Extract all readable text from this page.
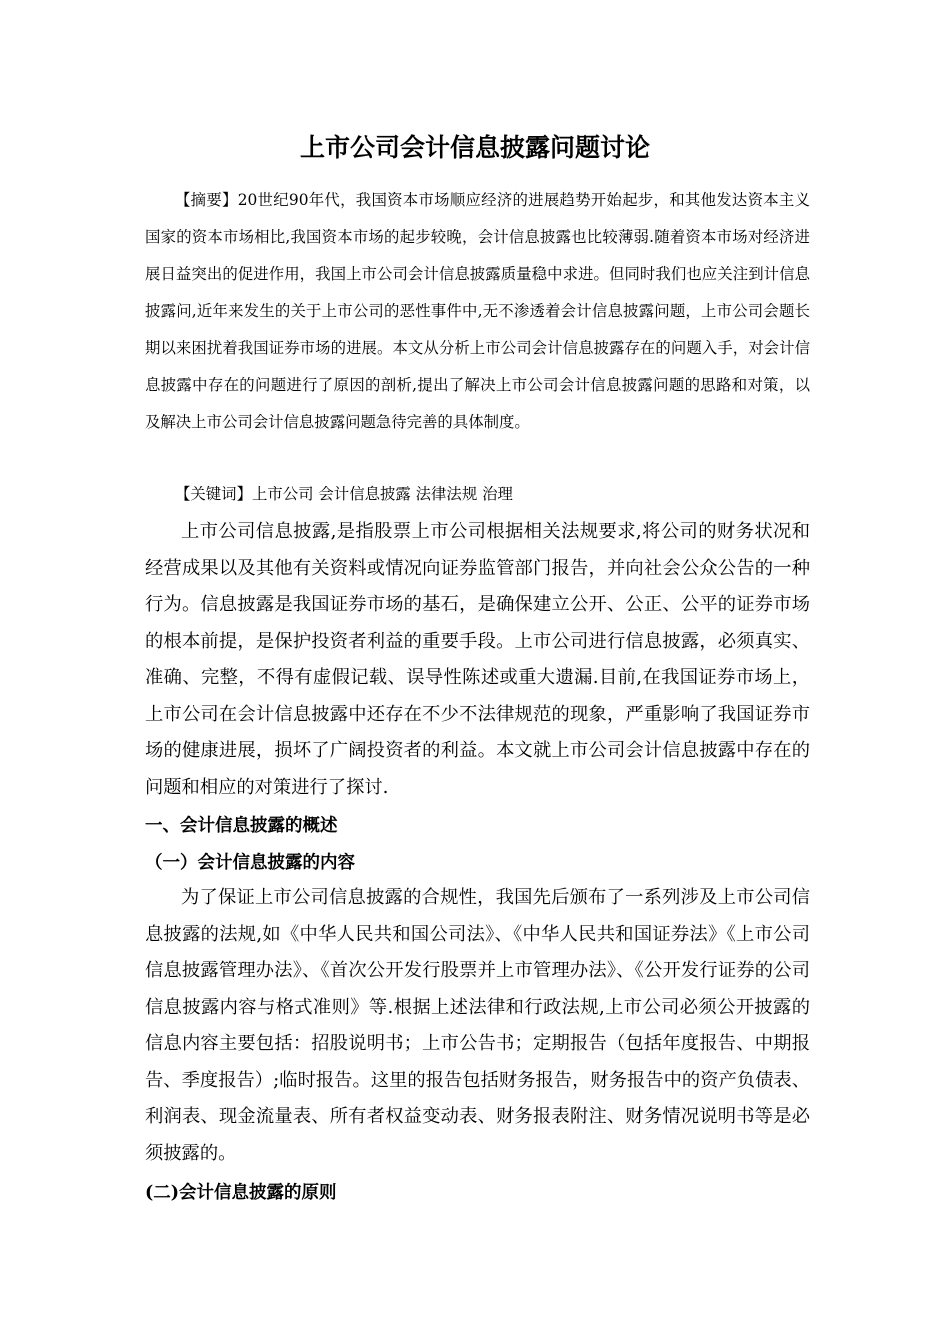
上市公司会计信息披露问题讨论

【摘要】20世纪90年代，我国资本市场顺应经济的进展趋势开始起步，和其他发达资本主义国家的资本市场相比,我国资本市场的起步较晚，会计信息披露也比较薄弱.随着资本市场对经济进展日益突出的促进作用，我国上市公司会计信息披露质量稳中求进。但同时我们也应关注到计信息披露问,近年来发生的关于上市公司的恶性事件中,无不渗透着会计信息披露问题，上市公司会题长期以来困扰着我国证券市场的进展。本文从分析上市公司会计信息披露存在的问题入手，对会计信息披露中存在的问题进行了原因的剖析,提出了解决上市公司会计信息披露问题的思路和对策，以及解决上市公司会计信息披露问题急待完善的具体制度。

【关键词】上市公司 会计信息披露 法律法规 治理

上市公司信息披露,是指股票上市公司根据相关法规要求,将公司的财务状况和经营成果以及其他有关资料或情况向证券监管部门报告，并向社会公众公告的一种行为。信息披露是我国证券市场的基石，是确保建立公开、公正、公平的证券市场的根本前提，是保护投资者利益的重要手段。上市公司进行信息披露，必须真实、准确、完整，不得有虚假记载、误导性陈述或重大遗漏.目前,在我国证券市场上，上市公司在会计信息披露中还存在不少不法律规范的现象，严重影响了我国证券市场的健康进展，损坏了广阔投资者的利益。本文就上市公司会计信息披露中存在的问题和相应的对策进行了探讨.

一、会计信息披露的概述
（一）会计信息披露的内容

为了保证上市公司信息披露的合规性，我国先后颁布了一系列涉及上市公司信息披露的法规,如《中华人民共和国公司法》、《中华人民共和国证券法》《上市公司信息披露管理办法》、《首次公开发行股票并上市管理办法》、《公开发行证券的公司信息披露内容与格式准则》等.根据上述法律和行政法规,上市公司必须公开披露的信息内容主要包括：招股说明书；上市公告书；定期报告（包括年度报告、中期报告、季度报告）;临时报告。这里的报告包括财务报告，财务报告中的资产负债表、利润表、现金流量表、所有者权益变动表、财务报表附注、财务情况说明书等是必须披露的。

(二)会计信息披露的原则
